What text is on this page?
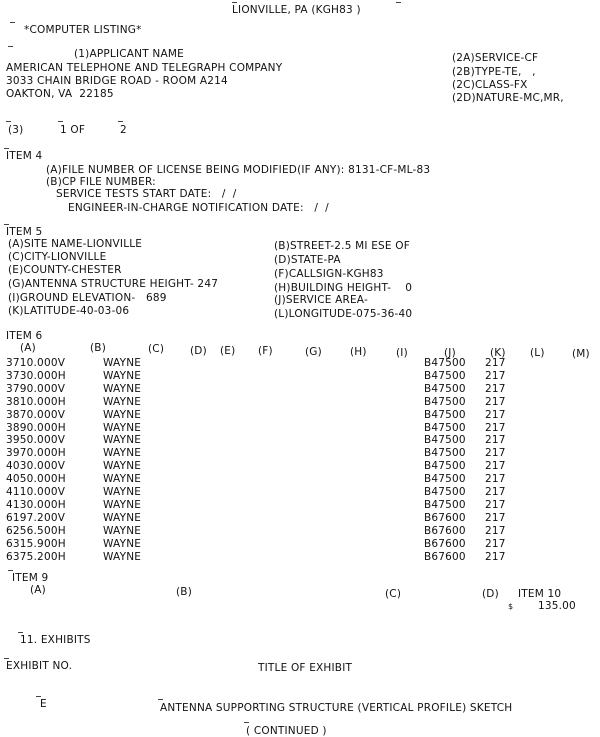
LIONVILLE, PA (KGH83 )
*COMPUTER LISTING*
(1)APPLICANT NAME
AMERICAN TELEPHONE AND TELEGRAPH COMPANY
3033 CHAIN BRIDGE ROAD - ROOM A214
OAKTON, VA  22185
(2A)SERVICE-CF
(2B)TYPE-TE,   ,
(2C)CLASS-FX
(2D)NATURE-MC,MR,
(3)	1 OF	2
ITEM 4
(A)FILE NUMBER OF LICENSE BEING MODIFIED(IF ANY): 8131-CF-ML-83
(B)CP FILE NUMBER:
SERVICE TESTS START DATE:   /  /
ENGINEER-IN-CHARGE NOTIFICATION DATE:   /  /
ITEM 5
(A)SITE NAME-LIONVILLE	(B)STREET-2.5 MI ESE OF
(C)CITY-LIONVILLE	(D)STATE-PA
(E)COUNTY-CHESTER	(F)CALLSIGN-KGH83
(G)ANTENNA STRUCTURE HEIGHT- 247	(H)BUILDING HEIGHT-    0
(I)GROUND ELEVATION-   689	(J)SERVICE AREA-
(K)LATITUDE-40-03-06	(L)LONGITUDE-075-36-40
ITEM 6
(A)	(B)	(C) (D) (E) (F)	(G)	(H)	(I)	(J)	(K) (L)	(M)
3710.000V	WAYNE	B47500 217
3730.000H	WAYNE	B47500 217
3790.000V	WAYNE	B47500 217
3810.000H	WAYNE	B47500 217
3870.000V	WAYNE	B47500 217
3890.000H	WAYNE	B47500 217
3950.000V	WAYNE	B47500 217
3970.000H	WAYNE	B47500 217
4030.000V	WAYNE	B47500 217
4050.000H	WAYNE	B47500 217
4110.000V	WAYNE	B47500 217
4130.000H	WAYNE	B47500 217
6197.200V	WAYNE	B67600 217
6256.500H	WAYNE	B67600 217
6315.900H	WAYNE	B67600 217
6375.200H	WAYNE	B67600 217
ITEM 9
(A)	(B)	(C)	(D) ITEM 10
$ 135.00
11. EXHIBITS
EXHIBIT NO.	TITLE OF EXHIBIT
E	ANTENNA SUPPORTING STRUCTURE (VERTICAL PROFILE) SKETCH
( CONTINUED )
